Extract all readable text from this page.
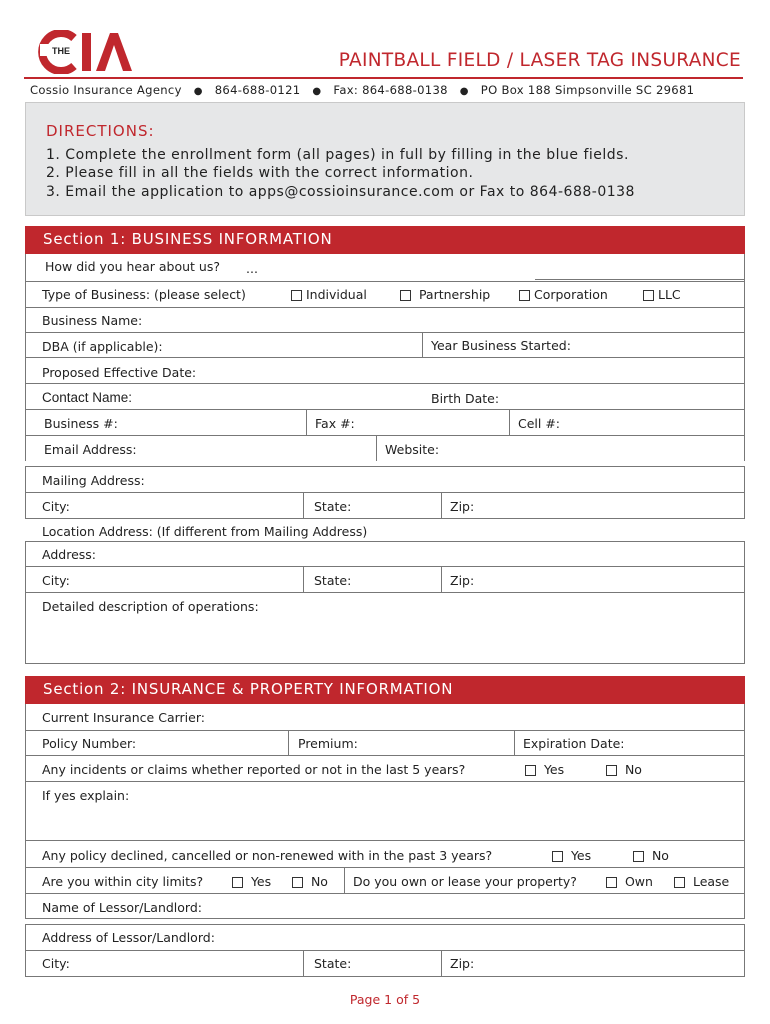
THE	PAINTBALL FIELD / LASER TAG INSURANCE
Cossio Insurance Agency ● 864-688-0121 ● Fax: 864-688-0138 ● PO Box 188 Simpsonville SC 29681
DIRECTIONS:
1. Complete the enrollment form (all pages) in full by filling in the blue fields.
2. Please fill in all the fields with the correct information.
3. Email the application to apps@cossioinsurance.com or Fax to 864-688-0138
Section 1: BUSINESS INFORMATION
How did you hear about us? ...
Type of Business: (please select)	Individual	Partnership	Corporation	LLC
Business Name:
DBA (if applicable):	Year Business Started:
Proposed Effective Date:
Contact Name:	Birth Date:
Business #:	Fax #:	Cell #:
Email Address:	Website:
Mailing Address:
City:	State:	Zip:
Location Address: (If different from Mailing Address)
Address:
City:	State:	Zip:
Detailed description of operations:
Section 2: INSURANCE & PROPERTY INFORMATION
Current Insurance Carrier:
Policy Number:	Premium:	Expiration Date:
Any incidents or claims whether reported or not in the last 5 years?	Yes	No
If yes explain:
Any policy declined, cancelled or non-renewed with in the past 3 years?	Yes	No
Are you within city limits?	Yes	No Do you own or lease your property?	Own	Lease
Name of Lessor/Landlord:
Address of Lessor/Landlord:
City:	State:	Zip:
Page 1 of 5
